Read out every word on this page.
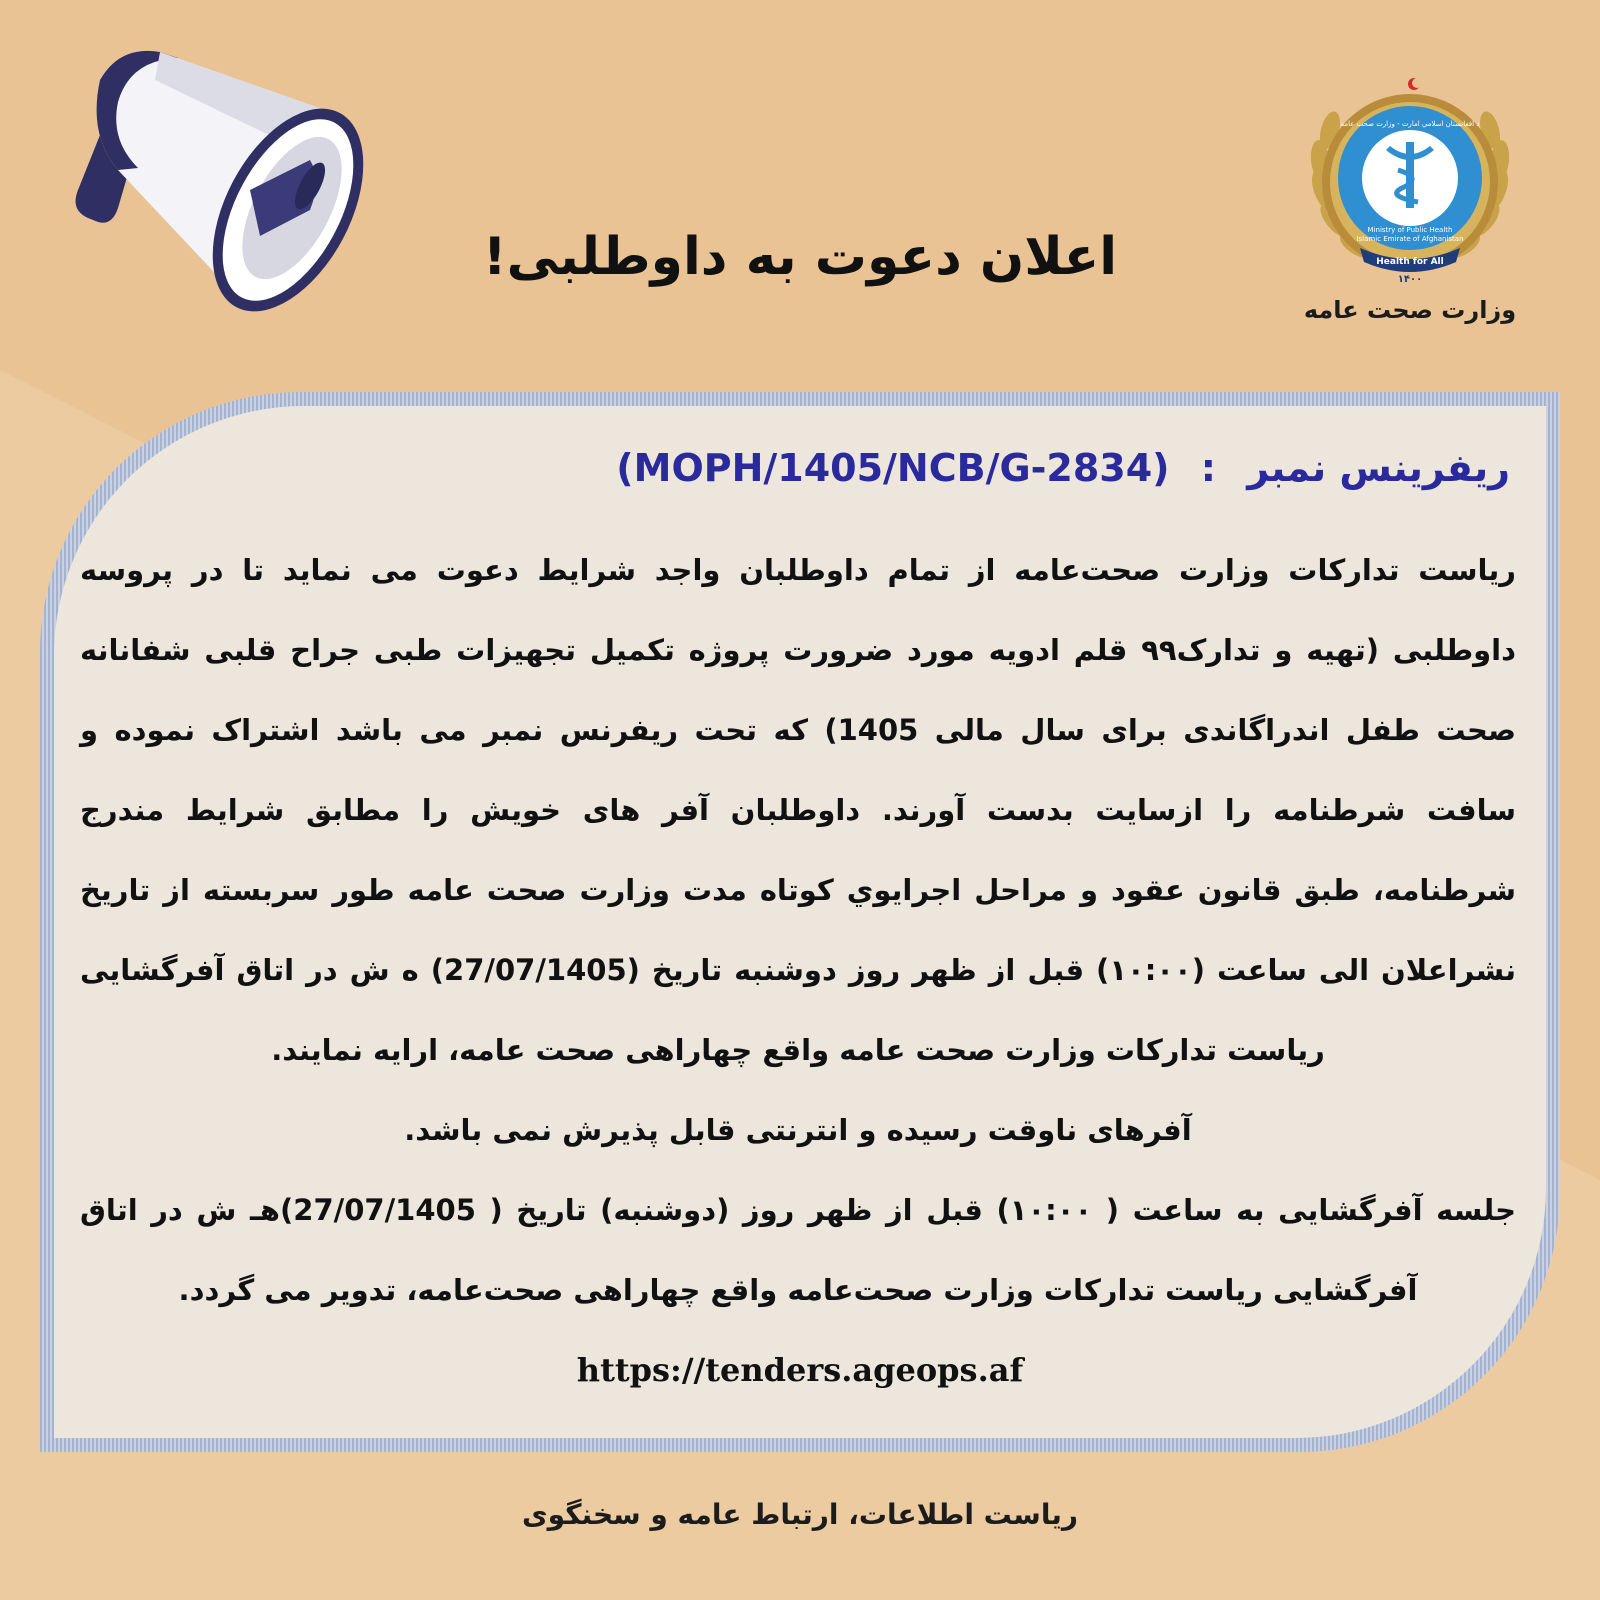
اعلان دعوت به داوطلبی!	Health for All
۱۴۰۰
Ministry of Public Health
Islamic Emirate of Afghanistan
د افغانستان اسلامي امارت - وزارت صحت عامه
وزارت صحت عامه
ریفرینس نمبر : (MOPH/1405/NCB/G-2834)
ریاست تدارکات وزارت صحت‌عامه از تمام داوطلبان واجد شرایط دعوت می نماید تا در پروسه
داوطلبی (تهیه و تدارک۹۹ قلم ادویه مورد ضرورت پروژه تکمیل تجهیزات طبی جراح قلبی شفانانه
صحت طفل اندراگاندی برای سال مالی 1405) که تحت ریفرنس نمبر می باشد اشتراک نموده و
سافت شرطنامه را ازسایت بدست آورند. داوطلبان آفر های خویش را مطابق شرایط مندرج
شرطنامه، طبق قانون عقود و مراحل اجرایوي کوتاه مدت وزارت صحت عامه طور سربسته از تاریخ
نشراعلان الی ساعت (۱۰:۰۰) قبل از ظهر روز دوشنبه تاریخ (27/07/1405) ه ش در اتاق آفرگشایی
ریاست تدارکات وزارت صحت عامه واقع چهاراهی صحت عامه، ارایه نمایند.
آفرهای ناوقت رسیده و انترنتی قابل پذیرش نمی باشد.
جلسه آفرگشایی به ساعت ( ۱۰:۰۰) قبل از ظهر روز (دوشنبه) تاریخ ( 27/07/1405)هـ ش در اتاق
آفرگشایی ریاست تدارکات وزارت صحت‌عامه واقع چهاراهی صحت‌عامه، تدویر می گردد.
https://tenders.ageops.af
ریاست اطلاعات، ارتباط عامه و سخنگوی
